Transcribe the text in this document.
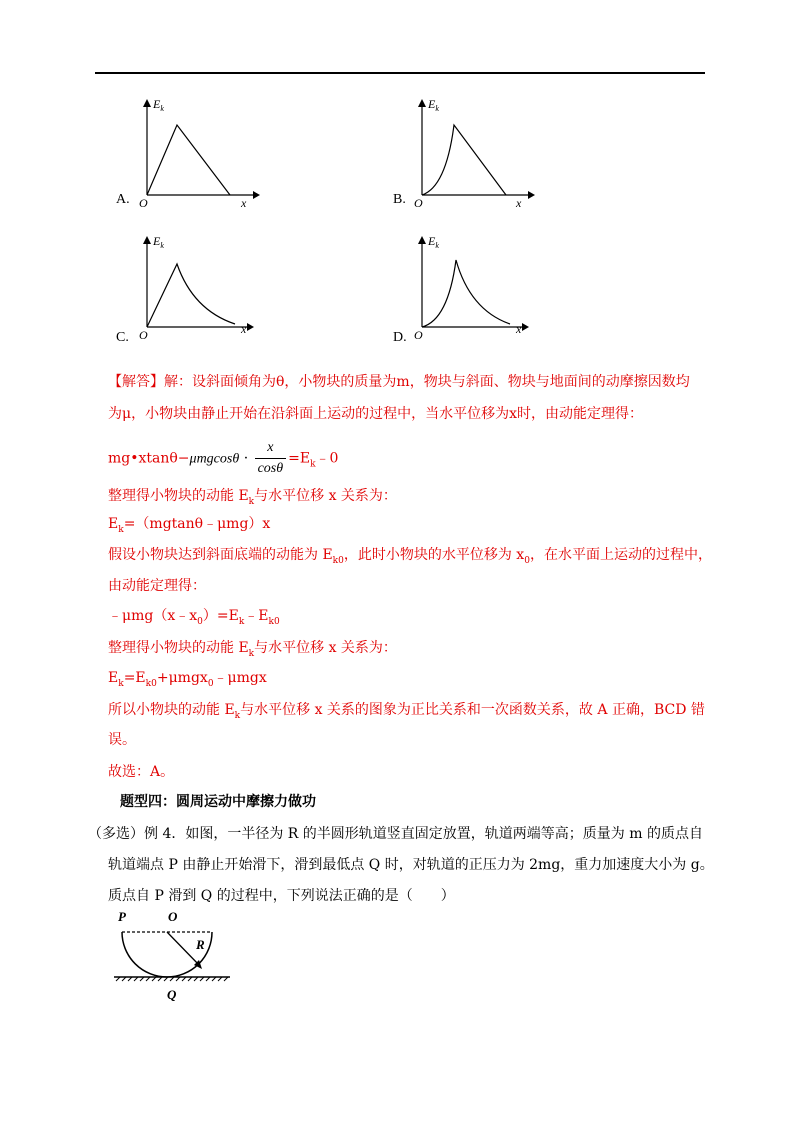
$E_k$
O	x
A.
$E_k$
O	x
B.
$E_k$
O	x
C.
$E_k$
O	x
D.
【解答】解：设斜面倾角为θ，小物块的质量为m，物块与斜面、物块与地面间的动摩擦因数均
为μ，小物块由静止开始在沿斜面上运动的过程中，当水平位移为x时，由动能定理得：
mg•xtanθ−μmgcosθ · $\frac{x}{\cos\theta}$ $=E_k﹣0$
整理得小物块的动能 $E_k$与水平位移 x 关系为：
$E_k=(mgtan\theta﹣\mu mg)x$
假设小物块达到斜面底端的动能为 $E_{k0}$，此时小物块的水平位移为 $x_0$，在水平面上运动的过程中，
由动能定理得：
$﹣\mu mg(x﹣x_0)=E_k﹣E_{k0}$
整理得小物块的动能 $E_k$与水平位移 x 关系为：
$E_k=E_{k0}+\mu mgx_0﹣\mu mgx$
所以小物块的动能 $E_k$与水平位移 x 关系的图象为正比关系和一次函数关系，故 A 正确，BCD 错
误。
故选：A。
题型四：圆周运动中摩擦力做功
（多选）例 4．如图，一半径为 R 的半圆形轨道竖直固定放置，轨道两端等高；质量为 m 的质点自
轨道端点 P 由静止开始滑下，滑到最低点 Q 时，对轨道的正压力为 2mg，重力加速度大小为 g。
质点自 P 滑到 Q 的过程中，下列说法正确的是（　　）
P	O
R
Q
